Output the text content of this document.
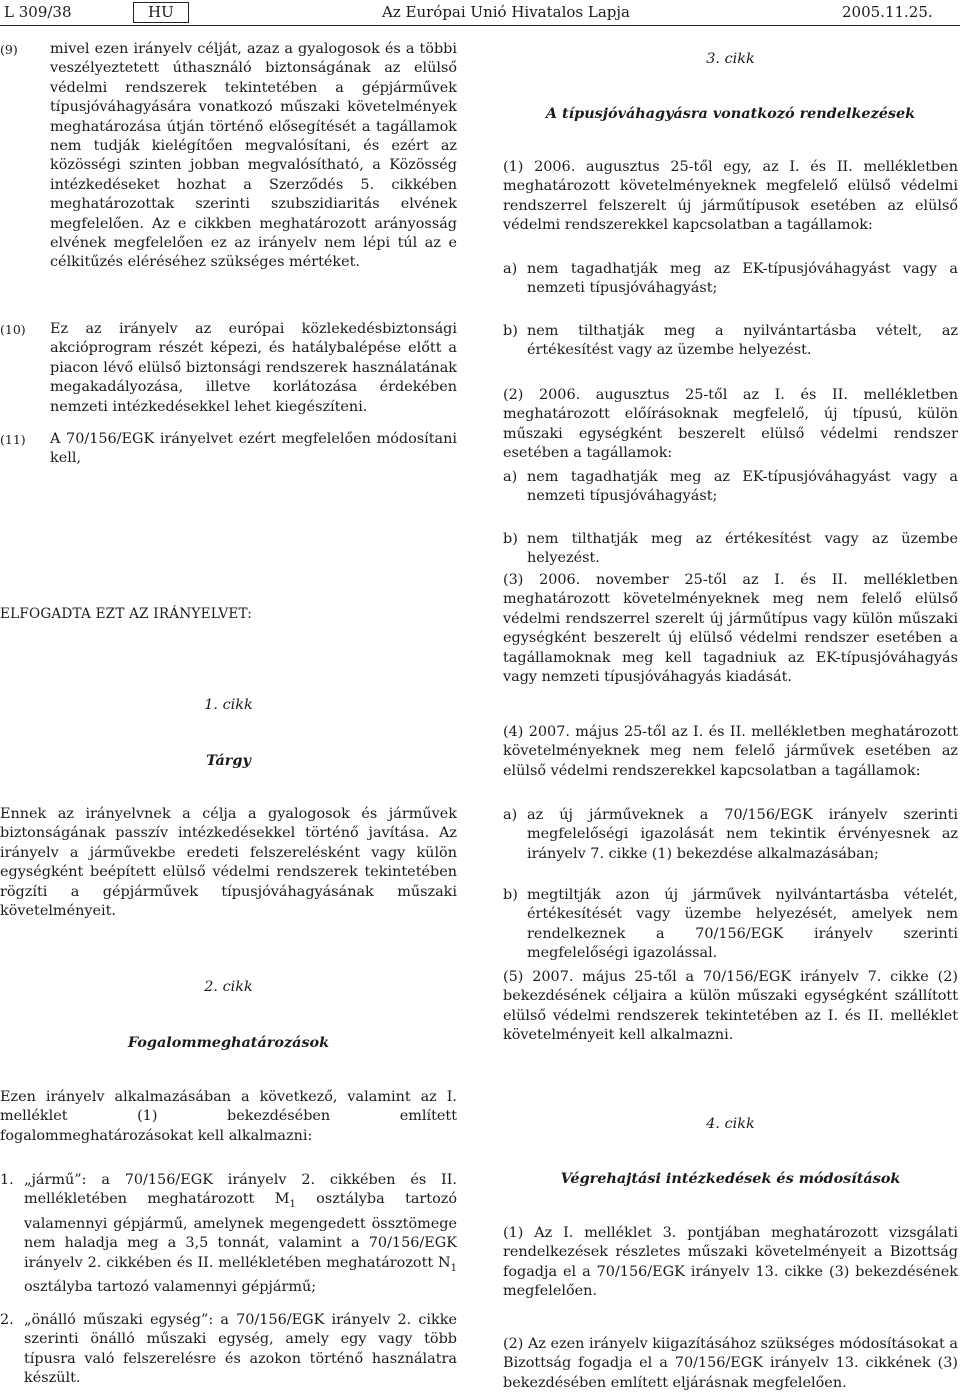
L 309/38	HU	Az Európai Unió Hivatalos Lapja	2005.11.25.
(9)	mivel ezen irányelv célját, azaz a gyalogosok és a többi veszélyeztetett úthasználó biztonságának az elülső védelmi rendszerek tekintetében a gépjárművek típusjóváhagyására vonatkozó műszaki követelmények meghatározása útján történő elősegítését a tagállamok nem tudják kielégítően megvalósítani, és ezért az közösségi szinten jobban megvalósítható, a Közösség intézkedéseket hozhat a Szerződés 5. cikkében meghatározottak szerinti szubszidiaritás elvének megfelelően. Az e cikkben meghatározott arányosság elvének megfelelően ez az irányelv nem lépi túl az e célkitűzés eléréséhez szükséges mértéket.
(10)	Ez az irányelv az európai közlekedésbiztonsági akcióprogram részét képezi, és hatálybalépése előtt a piacon lévő elülső biztonsági rendszerek használatának megakadályozása, illetve korlátozása érdekében nemzeti intézkedésekkel lehet kiegészíteni.
(11)	A 70/156/EGK irányelvet ezért megfelelően módosítani kell,
ELFOGADTA EZT AZ IRÁNYELVET:
1. cikk
Tárgy
Ennek az irányelvnek a célja a gyalogosok és járművek biztonságának passzív intézkedésekkel történő javítása. Az irányelv a járművekbe eredeti felszerelésként vagy külön egységként beépített elülső védelmi rendszerek tekintetében rögzíti a gépjárművek típusjóváhagyásának műszaki követelményeit.
2. cikk
Fogalommeghatározások
Ezen irányelv alkalmazásában a következő, valamint az I. melléklet (1) bekezdésében említett fogalommeghatározásokat kell alkalmazni:
1. „jármű”: a 70/156/EGK irányelv 2. cikkében és II. mellékletében meghatározott $M_1$ osztályba tartozó valamennyi gépjármű, amelynek megengedett össztömege nem haladja meg a 3,5 tonnát, valamint a 70/156/EGK irányelv 2. cikkében és II. mellékletében meghatározott $N_1$ osztályba tartozó valamennyi gépjármű;
2. „önálló műszaki egység”: a 70/156/EGK irányelv 2. cikke szerinti önálló műszaki egység, amely egy vagy több típusra való felszerelésre és azokon történő használatra készült.
3. cikk
A típusjóváhagyásra vonatkozó rendelkezések
(1) 2006. augusztus 25-től egy, az I. és II. mellékletben meghatározott követelményeknek megfelelő elülső védelmi rendszerrel felszerelt új járműtípusok esetében az elülső védelmi rendszerekkel kapcsolatban a tagállamok:
a) nem tagadhatják meg az EK-típusjóváhagyást vagy a nemzeti típusjóváhagyást;
b) nem tilthatják meg a nyilvántartásba vételt, az értékesítést vagy az üzembe helyezést.
(2) 2006. augusztus 25-től az I. és II. mellékletben meghatározott előírásoknak megfelelő, új típusú, külön műszaki egységként beszerelt elülső védelmi rendszer esetében a tagállamok:
a) nem tagadhatják meg az EK-típusjóváhagyást vagy a nemzeti típusjóváhagyást;
b) nem tilthatják meg az értékesítést vagy az üzembe helyezést.
(3) 2006. november 25-től az I. és II. mellékletben meghatározott követelményeknek meg nem felelő elülső védelmi rendszerrel szerelt új járműtípus vagy külön műszaki egységként beszerelt új elülső védelmi rendszer esetében a tagállamoknak meg kell tagadniuk az EK-típusjóváhagyás vagy nemzeti típusjóváhagyás kiadását.
(4) 2007. május 25-től az I. és II. mellékletben meghatározott követelményeknek meg nem felelő járművek esetében az elülső védelmi rendszerekkel kapcsolatban a tagállamok:
a) az új járműveknek a 70/156/EGK irányelv szerinti megfelelőségi igazolását nem tekintik érvényesnek az irányelv 7. cikke (1) bekezdése alkalmazásában;
b) megtiltják azon új járművek nyilvántartásba vételét, értékesítését vagy üzembe helyezését, amelyek nem rendelkeznek a 70/156/EGK irányelv szerinti megfelelőségi igazolással.
(5) 2007. május 25-től a 70/156/EGK irányelv 7. cikke (2) bekezdésének céljaira a külön műszaki egységként szállított elülső védelmi rendszerek tekintetében az I. és II. melléklet követelményeit kell alkalmazni.
4. cikk
Végrehajtási intézkedések és módosítások
(1) Az I. melléklet 3. pontjában meghatározott vizsgálati rendelkezések részletes műszaki követelményeit a Bizottság fogadja el a 70/156/EGK irányelv 13. cikke (3) bekezdésének megfelelően.
(2) Az ezen irányelv kiigazításához szükséges módosításokat a Bizottság fogadja el a 70/156/EGK irányelv 13. cikkének (3) bekezdésében említett eljárásnak megfelelően.
